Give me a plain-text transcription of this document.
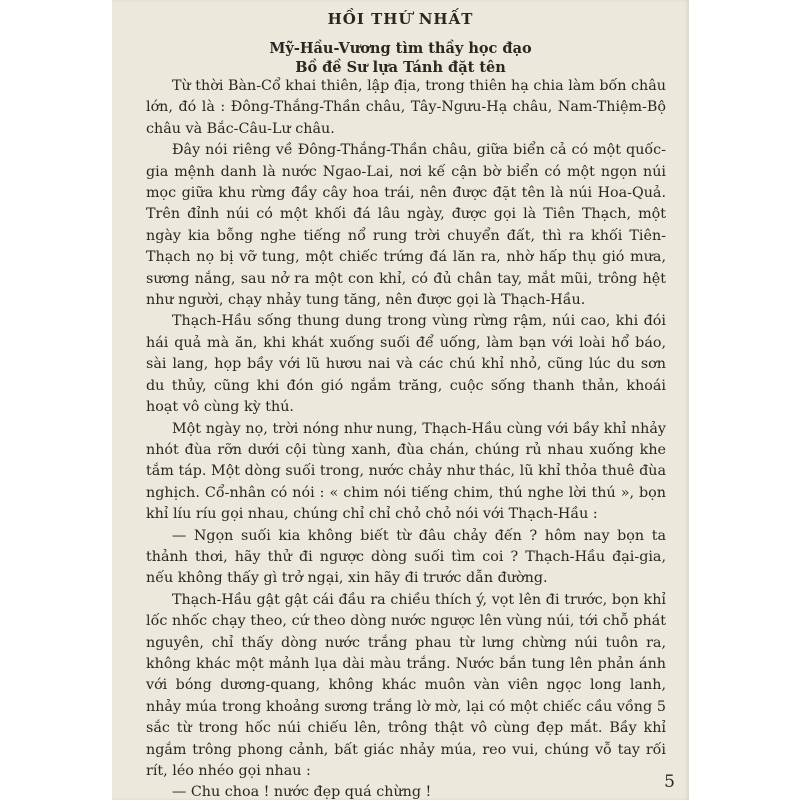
HỒI THỨ NHẤT
Mỹ-Hầu-Vương tìm thầy học đạo
Bồ đề Sư lựa Tánh đặt tên

Từ thời Bàn-Cổ khai thiên, lập địa, trong thiên hạ chia làm bốn châu lớn, đó là : Đông-Thắng-Thần châu, Tây-Ngưu-Hạ châu, Nam-Thiệm-Bộ châu và Bắc-Câu-Lư châu.

Đây nói riêng về Đông-Thắng-Thần châu, giữa biển cả có một quốc-gia mệnh danh là nước Ngao-Lai, nơi kế cận bờ biển có một ngọn núi mọc giữa khu rừng đầy cây hoa trái, nên được đặt tên là núi Hoa-Quả. Trên đỉnh núi có một khối đá lâu ngày, được gọi là Tiên Thạch, một ngày kia bỗng nghe tiếng nổ rung trời chuyển đất, thì ra khối Tiên-Thạch nọ bị vỡ tung, một chiếc trứng đá lăn ra, nhờ hấp thụ gió mưa, sương nắng, sau nở ra một con khỉ, có đủ chân tay, mắt mũi, trông hệt như người, chạy nhảy tung tăng, nên được gọi là Thạch-Hầu.

Thạch-Hầu sống thung dung trong vùng rừng rậm, núi cao, khi đói hái quả mà ăn, khi khát xuống suối để uống, làm bạn với loài hổ báo, sài lang, họp bầy với lũ hươu nai và các chú khỉ nhỏ, cũng lúc du sơn du thủy, cũng khi đón gió ngắm trăng, cuộc sống thanh thản, khoái hoạt vô cùng kỳ thú.

Một ngày nọ, trời nóng như nung, Thạch-Hầu cùng với bầy khỉ nhảy nhót đùa rỡn dưới cội tùng xanh, đùa chán, chúng rủ nhau xuống khe tắm táp. Một dòng suối trong, nước chảy như thác, lũ khỉ thỏa thuê đùa nghịch. Cổ-nhân có nói : « chim nói tiếng chim, thú nghe lời thú », bọn khỉ líu ríu gọi nhau, chúng chỉ chỉ chỏ chỏ nói với Thạch-Hầu :

— Ngọn suối kia không biết từ đâu chảy đến ? hôm nay bọn ta thảnh thơi, hãy thử đi ngược dòng suối tìm coi ? Thạch-Hầu đại-gia, nếu không thấy gì trở ngại, xin hãy đi trước dẫn đường.

Thạch-Hầu gật gật cái đầu ra chiều thích ý, vọt lên đi trước, bọn khỉ lốc nhốc chạy theo, cứ theo dòng nước ngược lên vùng núi, tới chỗ phát nguyên, chỉ thấy dòng nước trắng phau từ lưng chừng núi tuôn ra, không khác một mảnh lụa dài màu trắng. Nước bắn tung lên phản ánh với bóng dương-quang, không khác muôn vàn viên ngọc long lanh, nhảy múa trong khoảng sương trắng lờ mờ, lại có một chiếc cầu vồng 5 sắc từ trong hốc núi chiếu lên, trông thật vô cùng đẹp mắt. Bầy khỉ ngắm trông phong cảnh, bất giác nhảy múa, reo vui, chúng vỗ tay rối rít, léo nhéo gọi nhau :

— Chu choa ! nước đẹp quá chừng !

5
